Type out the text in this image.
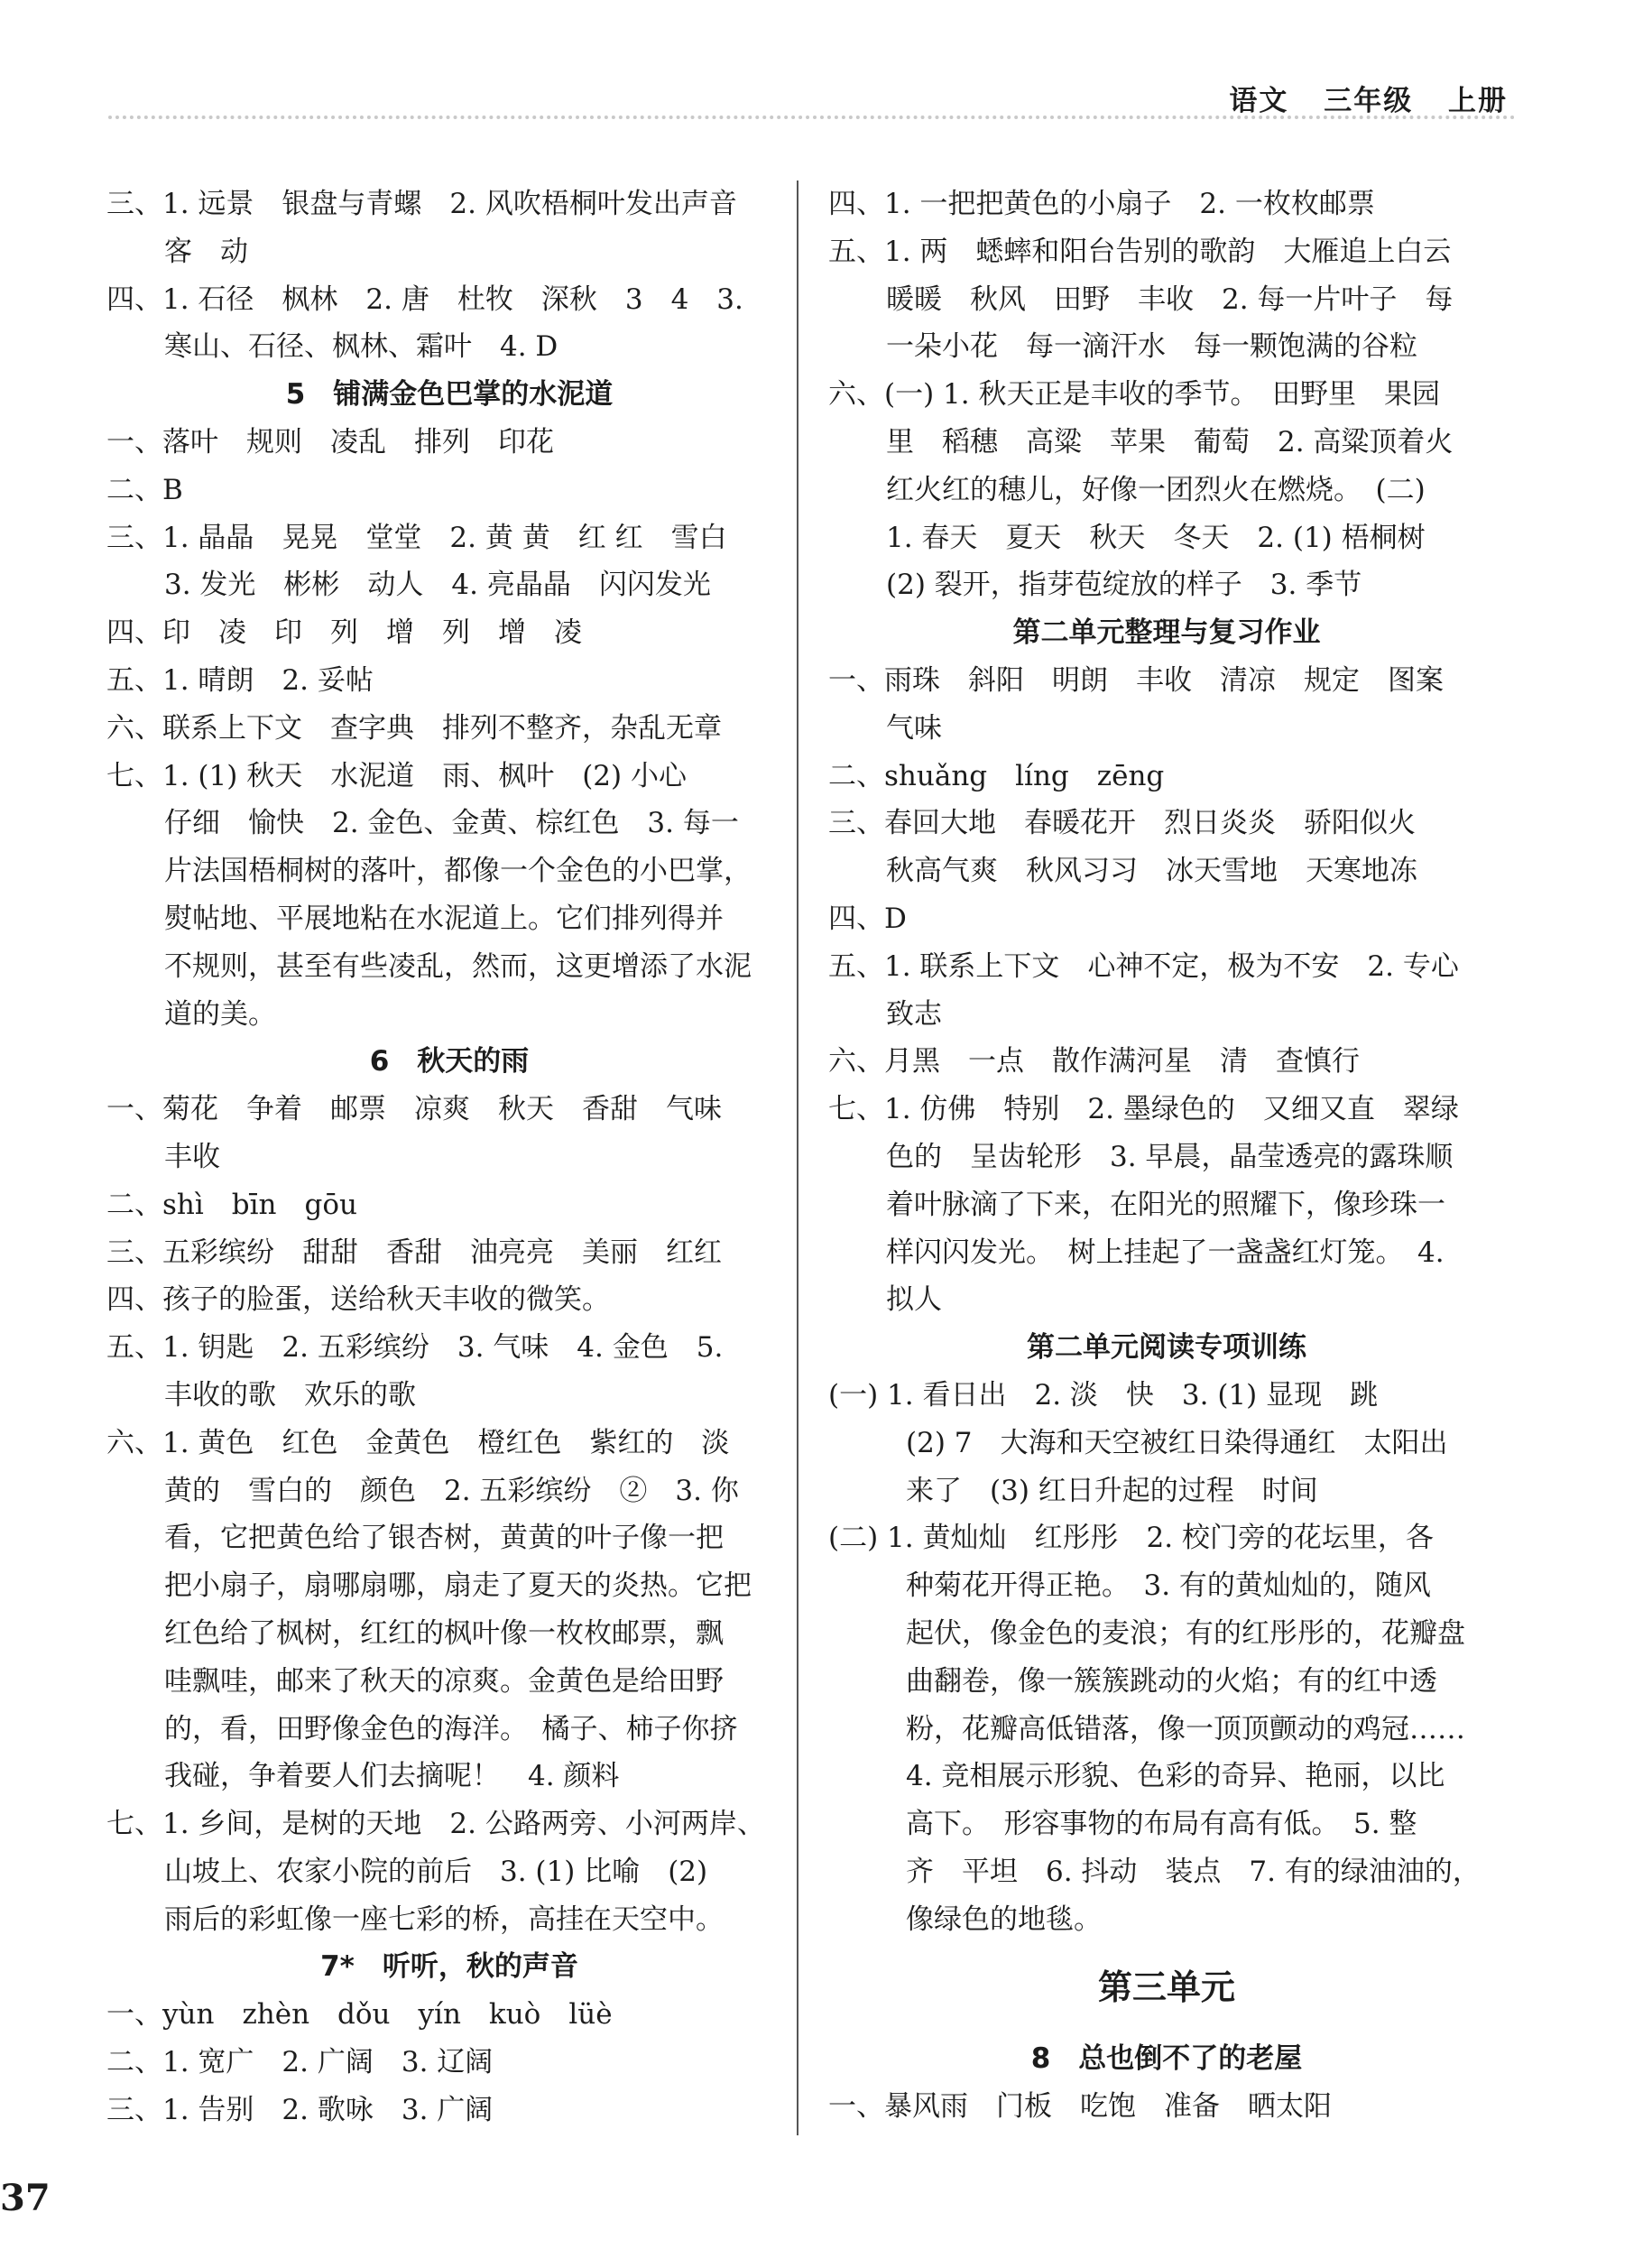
语文 三年级 上册
三、1. 远景　银盘与青螺　2. 风吹梧桐叶发出声音
客　动
四、1. 石径　枫林　2. 唐　杜牧　深秋　3　4　3.
寒山、石径、枫林、霜叶　4. D
5　铺满金色巴掌的水泥道
一、落叶　规则　凌乱　排列　印花
二、B
三、1. 晶晶　晃晃　堂堂　2. 黄 黄　红 红　雪白
3. 发光　彬彬　动人　4. 亮晶晶　闪闪发光
四、印　凌　印　列　增　列　增　凌
五、1. 晴朗　2. 妥帖
六、联系上下文　查字典　排列不整齐，杂乱无章
七、1. (1) 秋天　水泥道　雨、枫叶　(2) 小心
仔细　愉快　2. 金色、金黄、棕红色　3. 每一
片法国梧桐树的落叶，都像一个金色的小巴掌，
熨帖地、平展地粘在水泥道上。它们排列得并
不规则，甚至有些凌乱，然而，这更增添了水泥
道的美。
6　秋天的雨
一、菊花　争着　邮票　凉爽　秋天　香甜　气味
丰收
二、shì　bīn　gōu
三、五彩缤纷　甜甜　香甜　油亮亮　美丽　红红
四、孩子的脸蛋，送给秋天丰收的微笑。
五、1. 钥匙　2. 五彩缤纷　3. 气味　4. 金色　5.
丰收的歌　欢乐的歌
六、1. 黄色　红色　金黄色　橙红色　紫红的　淡
黄的　雪白的　颜色　2. 五彩缤纷　②　3. 你
看，它把黄色给了银杏树，黄黄的叶子像一把
把小扇子，扇哪扇哪，扇走了夏天的炎热。它把
红色给了枫树，红红的枫叶像一枚枚邮票，飘
哇飘哇，邮来了秋天的凉爽。金黄色是给田野
的，看，田野像金色的海洋。　橘子、柿子你挤
我碰，争着要人们去摘呢！　4. 颜料
七、1. 乡间，是树的天地　2. 公路两旁、小河两岸、
山坡上、农家小院的前后　3. (1) 比喻　(2)
雨后的彩虹像一座七彩的桥，高挂在天空中。
7*　听听，秋的声音
一、yùn　zhèn　dǒu　yín　kuò　lüè
二、1. 宽广　2. 广阔　3. 辽阔
三、1. 告别　2. 歌咏　3. 广阔
四、1. 一把把黄色的小扇子　2. 一枚枚邮票
五、1. 两　蟋蟀和阳台告别的歌韵　大雁追上白云
暖暖　秋风　田野　丰收　2. 每一片叶子　每
一朵小花　每一滴汗水　每一颗饱满的谷粒
六、(一) 1. 秋天正是丰收的季节。　田野里　果园
里　稻穗　高粱　苹果　葡萄　2. 高粱顶着火
红火红的穗儿，好像一团烈火在燃烧。　(二)
1. 春天　夏天　秋天　冬天　2. (1) 梧桐树
(2) 裂开，指芽苞绽放的样子　3. 季节
第二单元整理与复习作业
一、雨珠　斜阳　明朗　丰收　清凉　规定　图案
气味
二、shuǎng　líng　zēng
三、春回大地　春暖花开　烈日炎炎　骄阳似火
秋高气爽　秋风习习　冰天雪地　天寒地冻
四、D
五、1. 联系上下文　心神不定，极为不安　2. 专心
致志
六、月黑　一点　散作满河星　清　查慎行
七、1. 仿佛　特别　2. 墨绿色的　又细又直　翠绿
色的　呈齿轮形　3. 早晨，晶莹透亮的露珠顺
着叶脉滴了下来，在阳光的照耀下，像珍珠一
样闪闪发光。　树上挂起了一盏盏红灯笼。　4.
拟人
第二单元阅读专项训练
(一) 1. 看日出　2. 淡　快　3. (1) 显现　跳
(2) 7　大海和天空被红日染得通红　太阳出
来了　(3) 红日升起的过程　时间
(二) 1. 黄灿灿　红彤彤　2. 校门旁的花坛里，各
种菊花开得正艳。　3. 有的黄灿灿的，随风
起伏，像金色的麦浪；有的红彤彤的，花瓣盘
曲翻卷，像一簇簇跳动的火焰；有的红中透
粉，花瓣高低错落，像一顶顶颤动的鸡冠……
4. 竞相展示形貌、色彩的奇异、艳丽，以比
高下。　形容事物的布局有高有低。　5. 整
齐　平坦　6. 抖动　装点　7. 有的绿油油的，
像绿色的地毯。
第三单元
8　总也倒不了的老屋
一、暴风雨　门板　吃饱　准备　晒太阳
37
